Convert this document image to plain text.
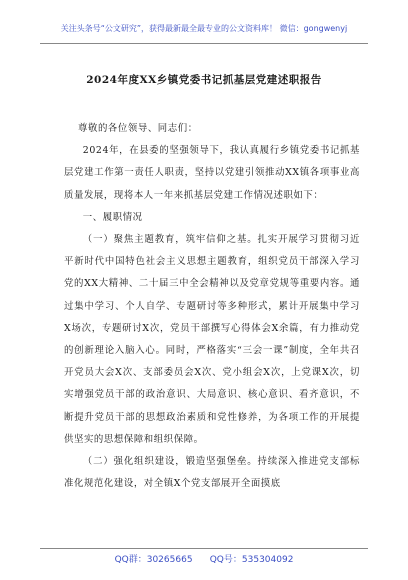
关注头条号“公文研究”，获得最新最全最专业的公文资料库！ 微信：gongwenyj
2024年度XX乡镇党委书记抓基层党建述职报告

尊敬的各位领导、同志们：

2024年，在县委的坚强领导下，我认真履行乡镇党委书记抓基层党建工作第一责任人职责，坚持以党建引领推动XX镇各项事业高质量发展，现将本人一年来抓基层党建工作情况述职如下：

一、履职情况

（一）聚焦主题教育，筑牢信仰之基。扎实开展学习贯彻习近平新时代中国特色社会主义思想主题教育，组织党员干部深入学习党的XX大精神、二十届三中全会精神以及党章党规等重要内容。通过集中学习、个人自学、专题研讨等多种形式，累计开展集中学习X场次，专题研讨X次，党员干部撰写心得体会X余篇，有力推动党的创新理论入脑入心。同时，严格落实“三会一课”制度，全年共召开党员大会X次、支部委员会X次、党小组会X次，上党课X次，切实增强党员干部的政治意识、大局意识、核心意识、看齐意识，不断提升党员干部的思想政治素质和党性修养，为各项工作的开展提供坚实的思想保障和组织保障。

（二）强化组织建设，锻造坚强堡垒。持续深入推进党支部标准化规范化建设，对全镇X个党支部展开全面摸底

QQ群：30265665 QQ号：535304092
